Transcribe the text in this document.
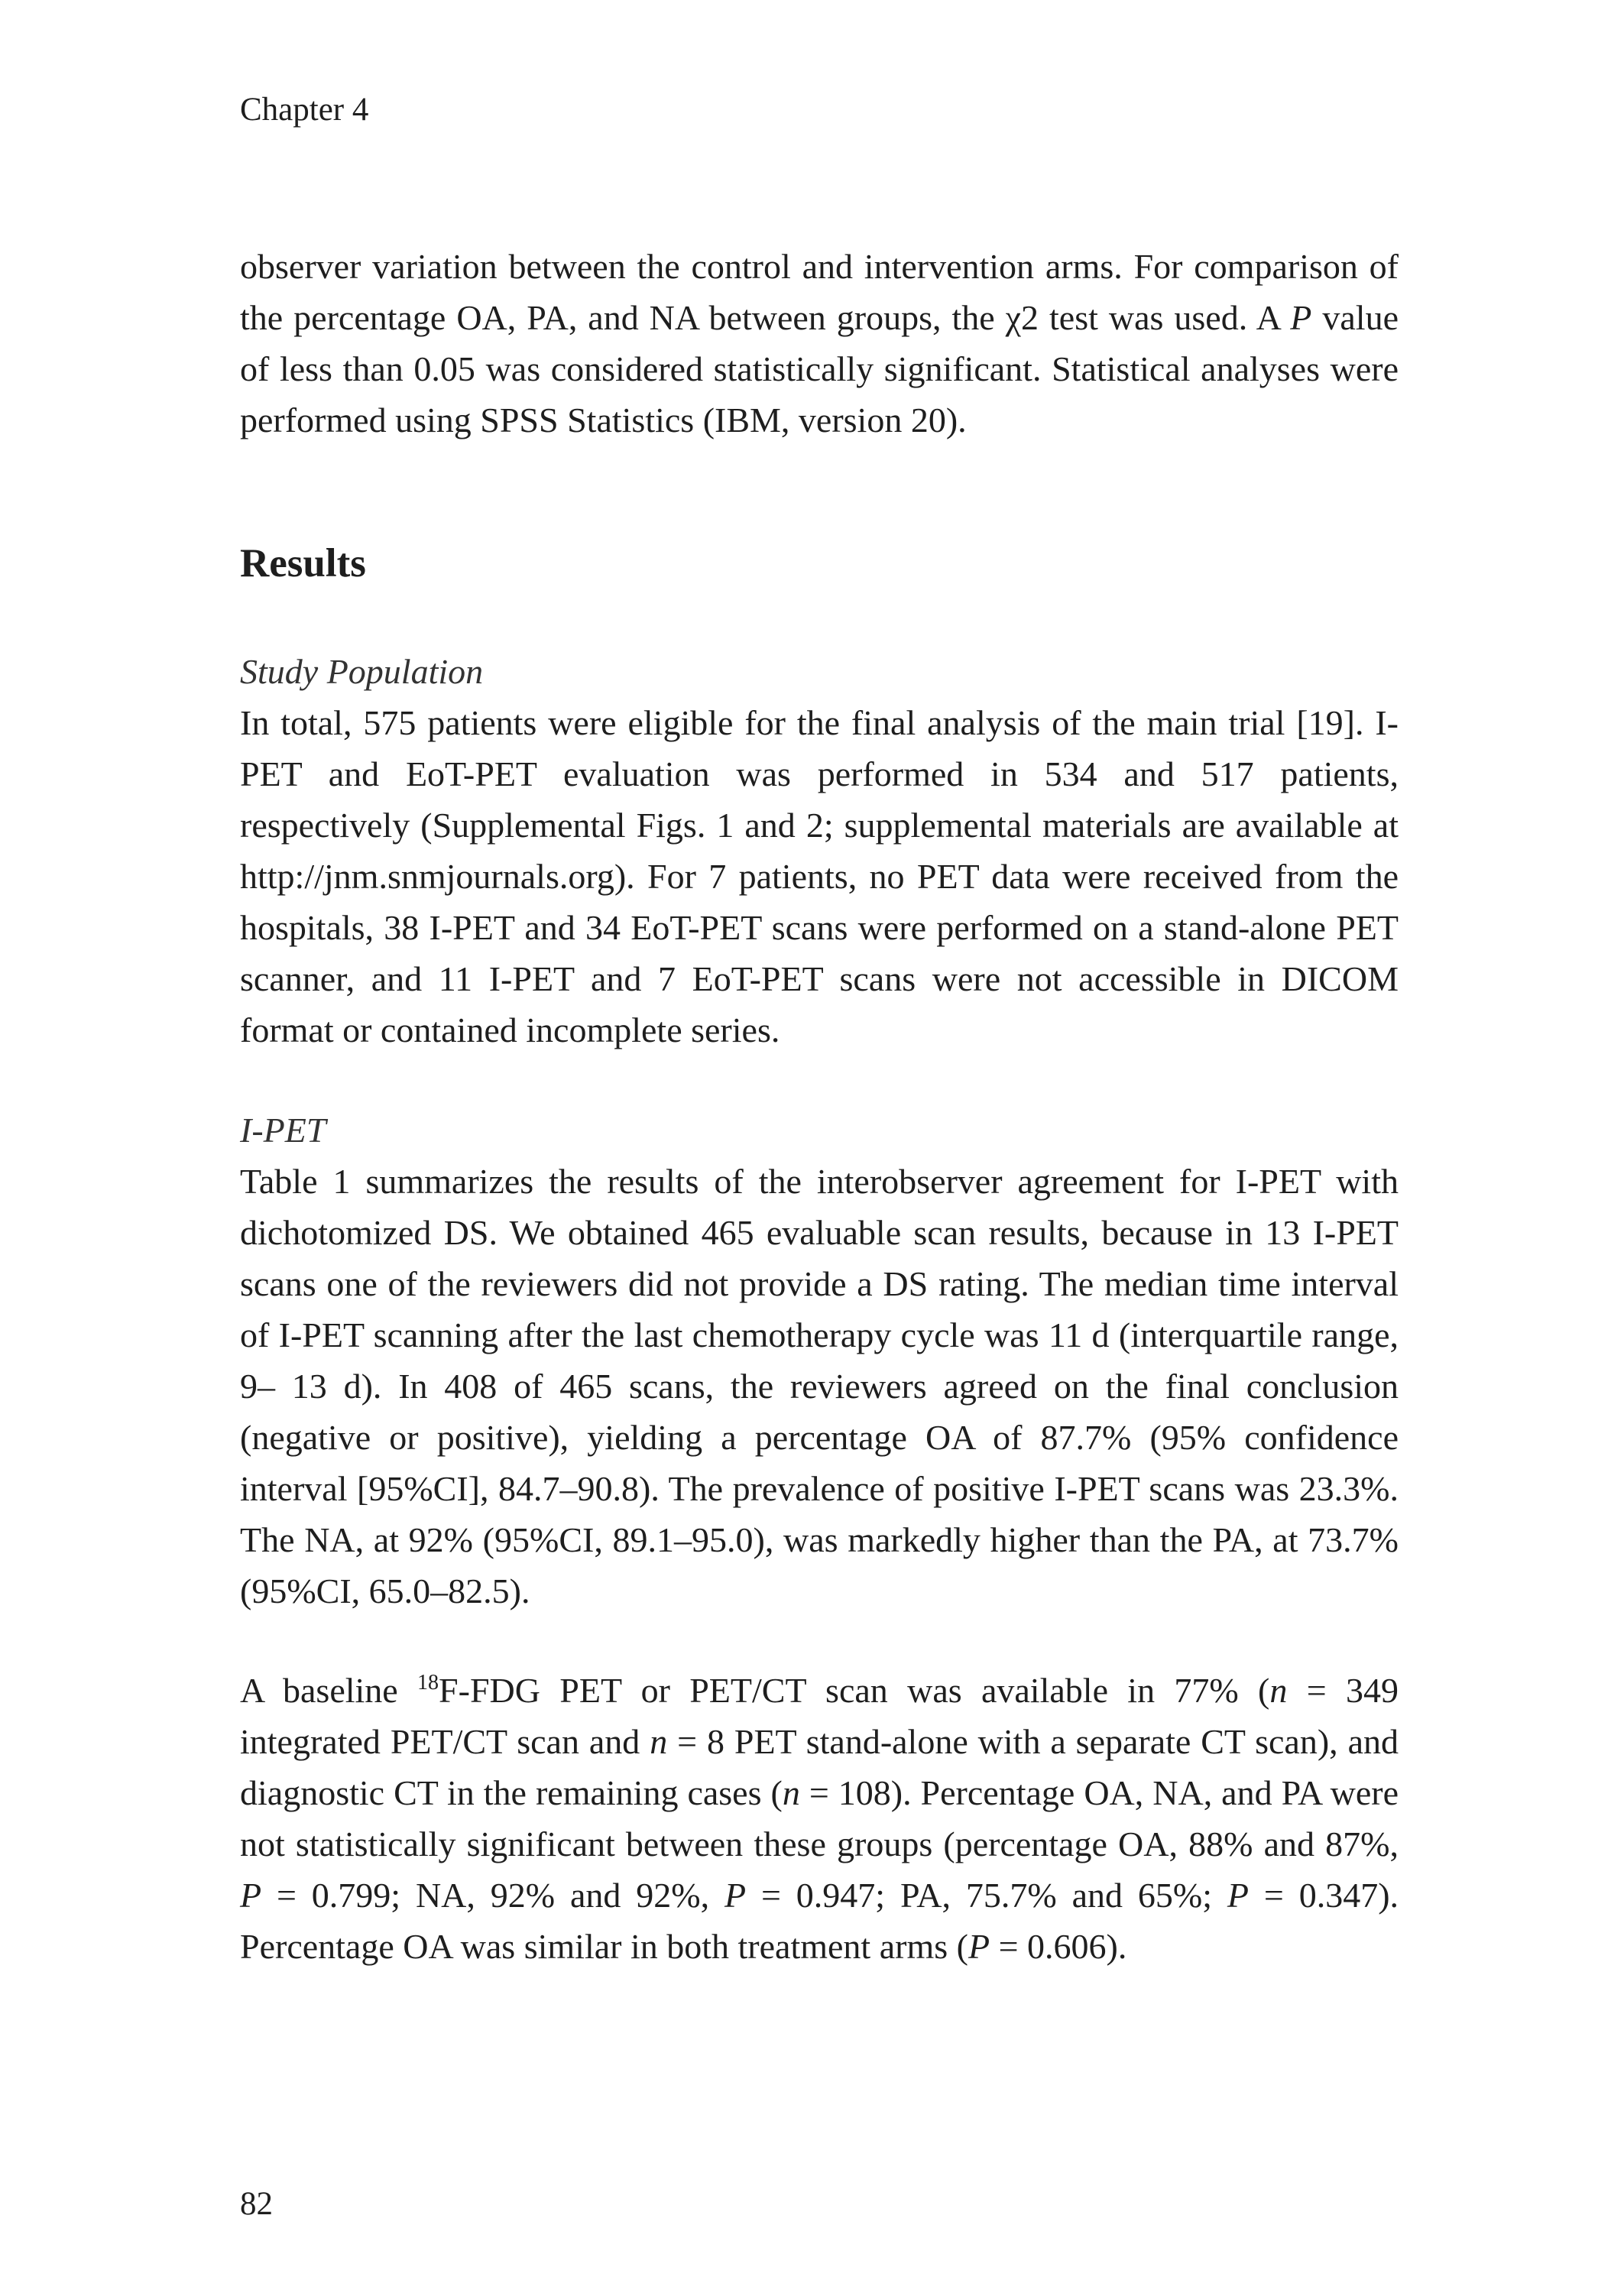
Chapter 4

observer variation between the control and intervention arms. For comparison of the percentage OA, PA, and NA between groups, the χ2 test was used. A P value of less than 0.05 was considered statistically significant. Statistical analyses were performed using SPSS Statistics (IBM, version 20).

Results
Study Population

In total, 575 patients were eligible for the final analysis of the main trial [19]. I-PET and EoT-PET evaluation was performed in 534 and 517 patients, respectively (Supplemental Figs. 1 and 2; supplemental materials are available at http://jnm.snmjournals.org). For 7 patients, no PET data were received from the hospitals, 38 I-PET and 34 EoT-PET scans were performed on a stand-alone PET scanner, and 11 I-PET and 7 EoT-PET scans were not accessible in DICOM format or contained incomplete series.

I-PET

Table 1 summarizes the results of the interobserver agreement for I-PET with dichotomized DS. We obtained 465 evaluable scan results, because in 13 I-PET scans one of the reviewers did not provide a DS rating. The median time interval of I-PET scanning after the last chemotherapy cycle was 11 d (interquartile range, 9– 13 d). In 408 of 465 scans, the reviewers agreed on the final conclusion (negative or positive), yielding a percentage OA of 87.7% (95% confidence interval [95%CI], 84.7–90.8). The prevalence of positive I-PET scans was 23.3%. The NA, at 92% (95%CI, 89.1–95.0), was markedly higher than the PA, at 73.7% (95%CI, 65.0–82.5).

A baseline $^{18}$F-FDG PET or PET/CT scan was available in 77% (n = 349 integrated PET/CT scan and n = 8 PET stand-alone with a separate CT scan), and diagnostic CT in the remaining cases (n = 108). Percentage OA, NA, and PA were not statistically significant between these groups (percentage OA, 88% and 87%, P = 0.799; NA, 92% and 92%, P = 0.947; PA, 75.7% and 65%; P = 0.347). Percentage OA was similar in both treatment arms (P = 0.606).

82
